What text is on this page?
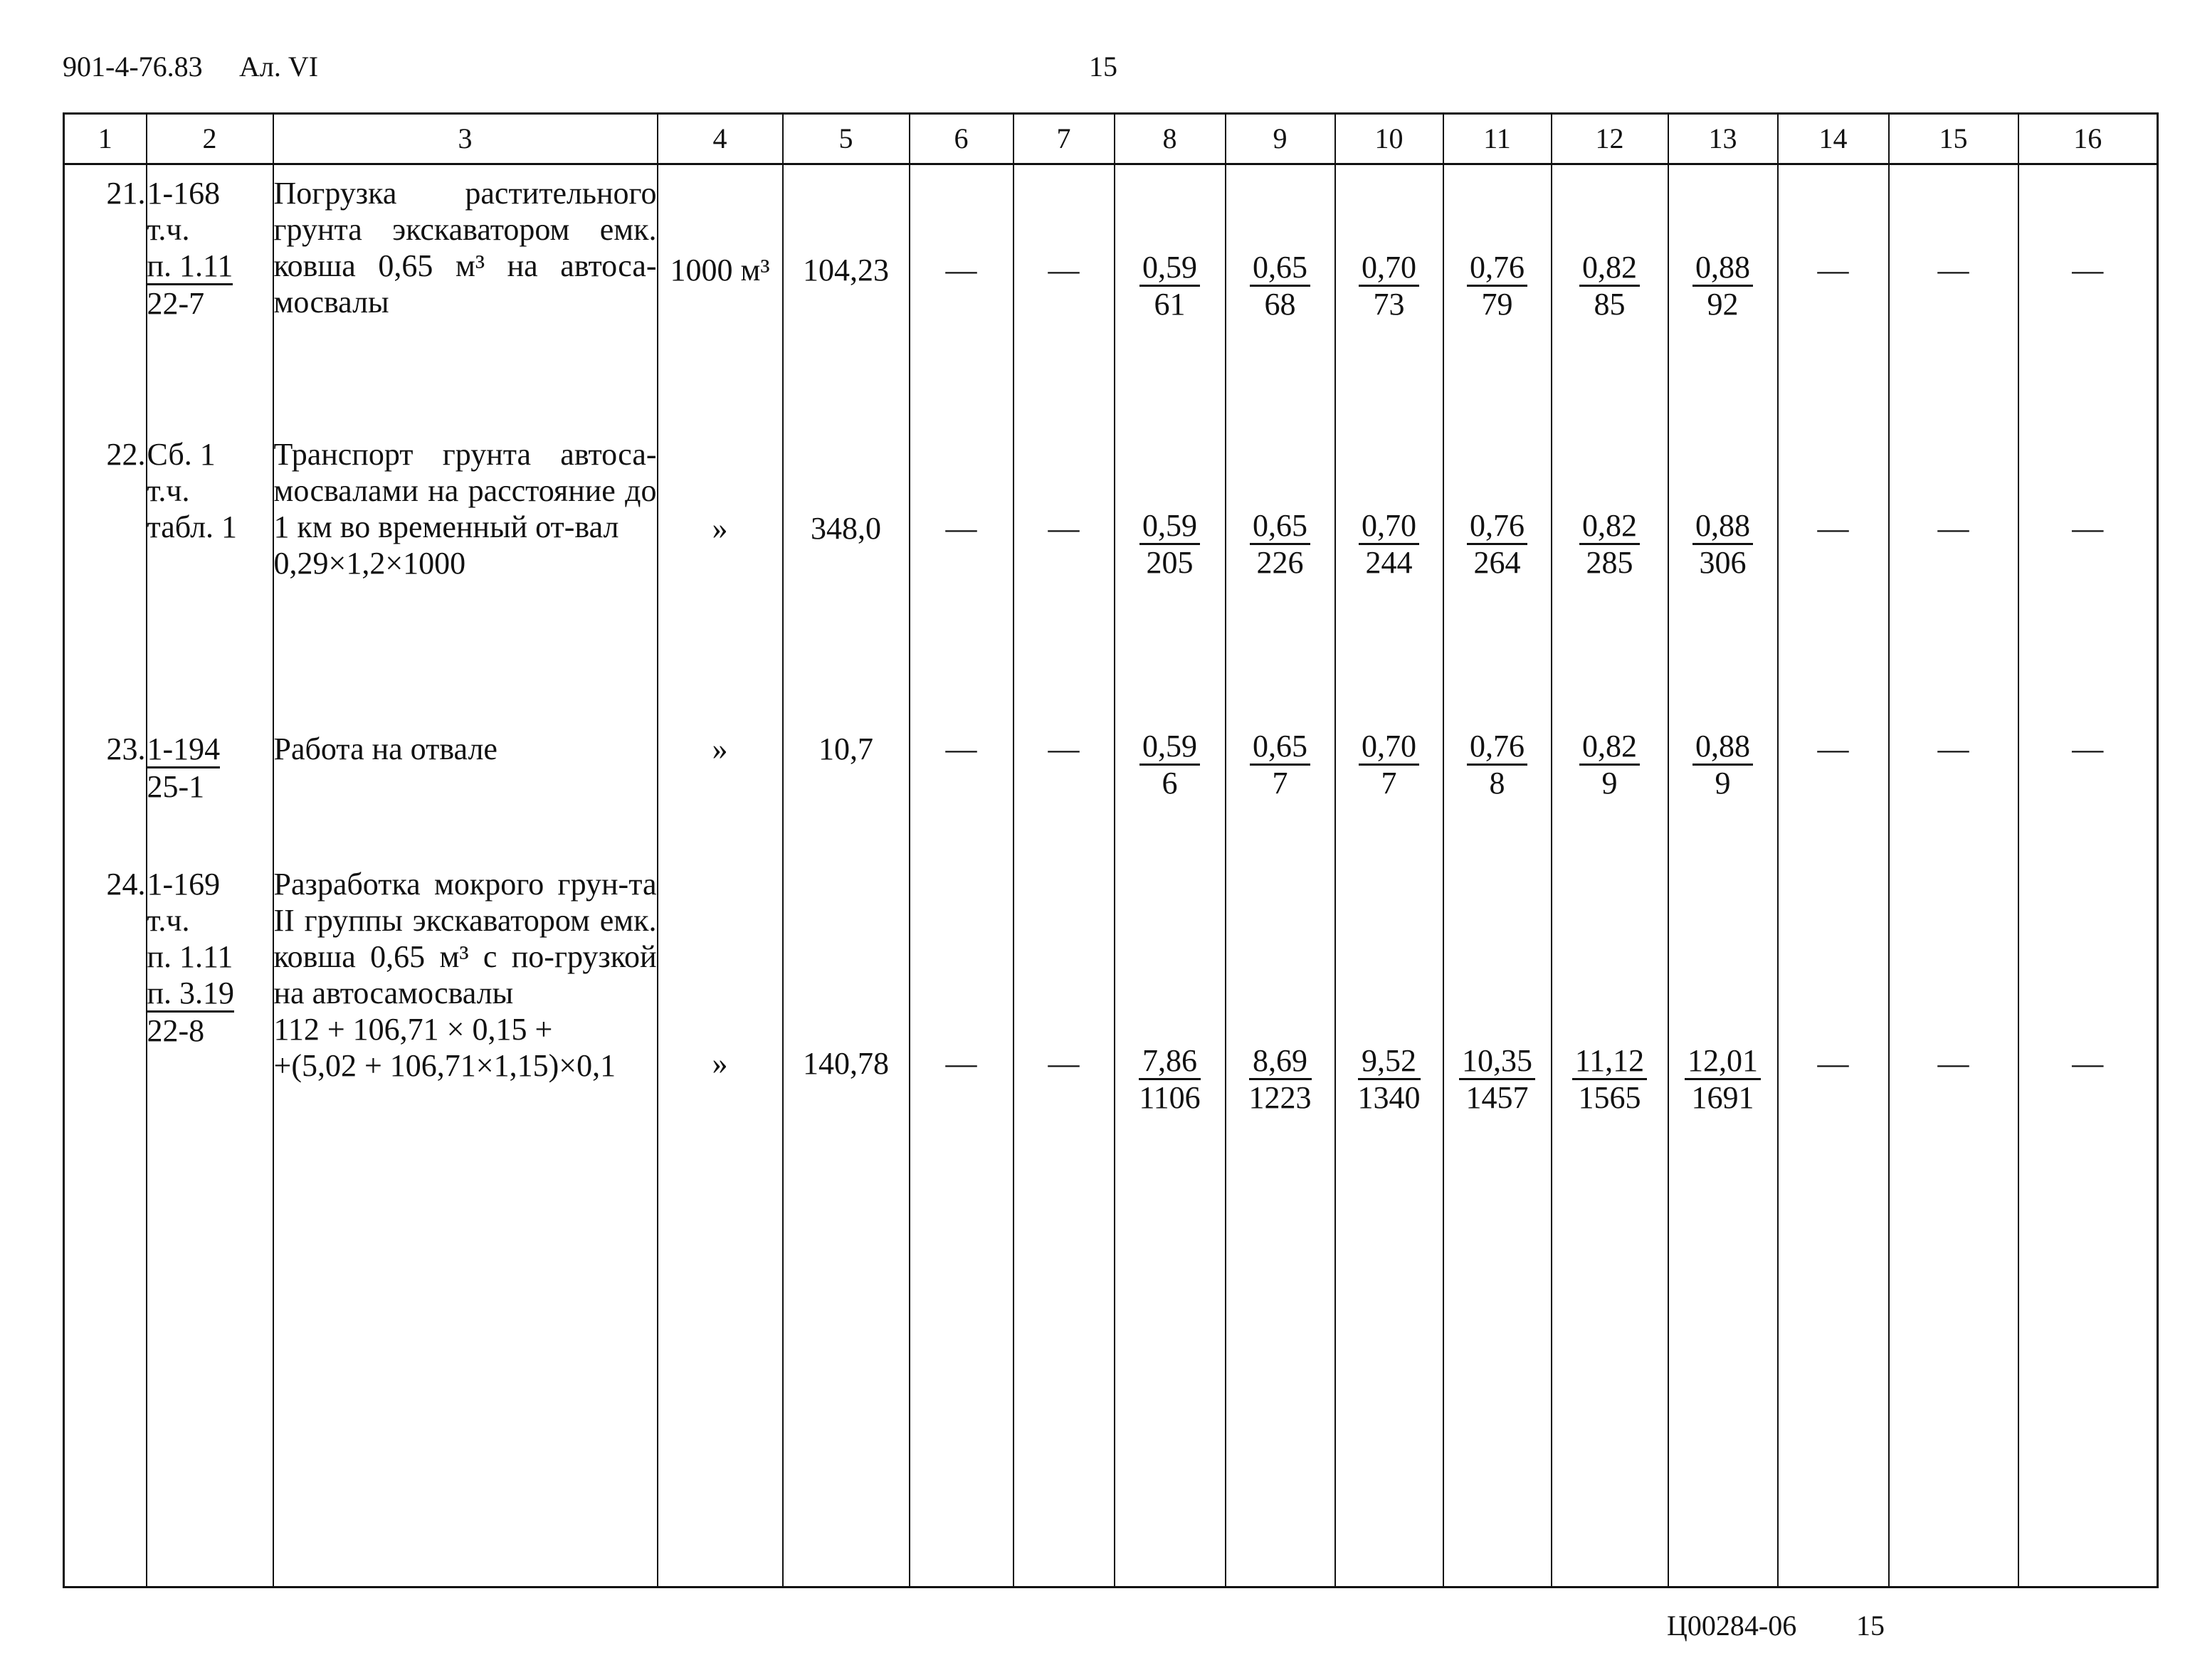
901-4-76.83 Ал. VI	15
1	2	3	4	5	6	7	8	9	10	11	12	13	14	15	16
21.	1-168
т.ч.
п. 1.11
22-7	Погрузка растительного грунта экскаватором емк. ковша 0,65 м³ на автоса-мосвалы	1000 м³	104,23	—	—	$\frac{0,59}{61}$	$\frac{0,65}{68}$	$\frac{0,70}{73}$	$\frac{0,76}{79}$	$\frac{0,82}{85}$	$\frac{0,88}{92}$	—	—	—
22.	Сб. 1
т.ч.
табл. 1	Транспорт грунта автоса-мосвалами на расстояние до 1 км во временный от-вал
0,29×1,2×1000	»	348,0	—	—	$\frac{0,59}{205}$	$\frac{0,65}{226}$	$\frac{0,70}{244}$	$\frac{0,76}{264}$	$\frac{0,82}{285}$	$\frac{0,88}{306}$	—	—	—
23.	1-194
25-1	Работа на отвале	»	10,7	—	—	$\frac{0,59}{6}$	$\frac{0,65}{7}$	$\frac{0,70}{7}$	$\frac{0,76}{8}$	$\frac{0,82}{9}$	$\frac{0,88}{9}$	—	—	—
24.	1-169
т.ч.
п. 1.11
п. 3.19
22-8	Разработка мокрого грун-та II группы экскаватором емк. ковша 0,65 м³ с по-грузкой на автосамосвалы
112 + 106,71 × 0,15 +
+(5,02 + 106,71×1,15)×0,1	»	140,78	—	—	$\frac{7,86}{1106}$	$\frac{8,69}{1223}$	$\frac{9,52}{1340}$	$\frac{10,35}{1457}$	$\frac{11,12}{1565}$	$\frac{12,01}{1691}$	—	—	—
Ц00284-06 15
